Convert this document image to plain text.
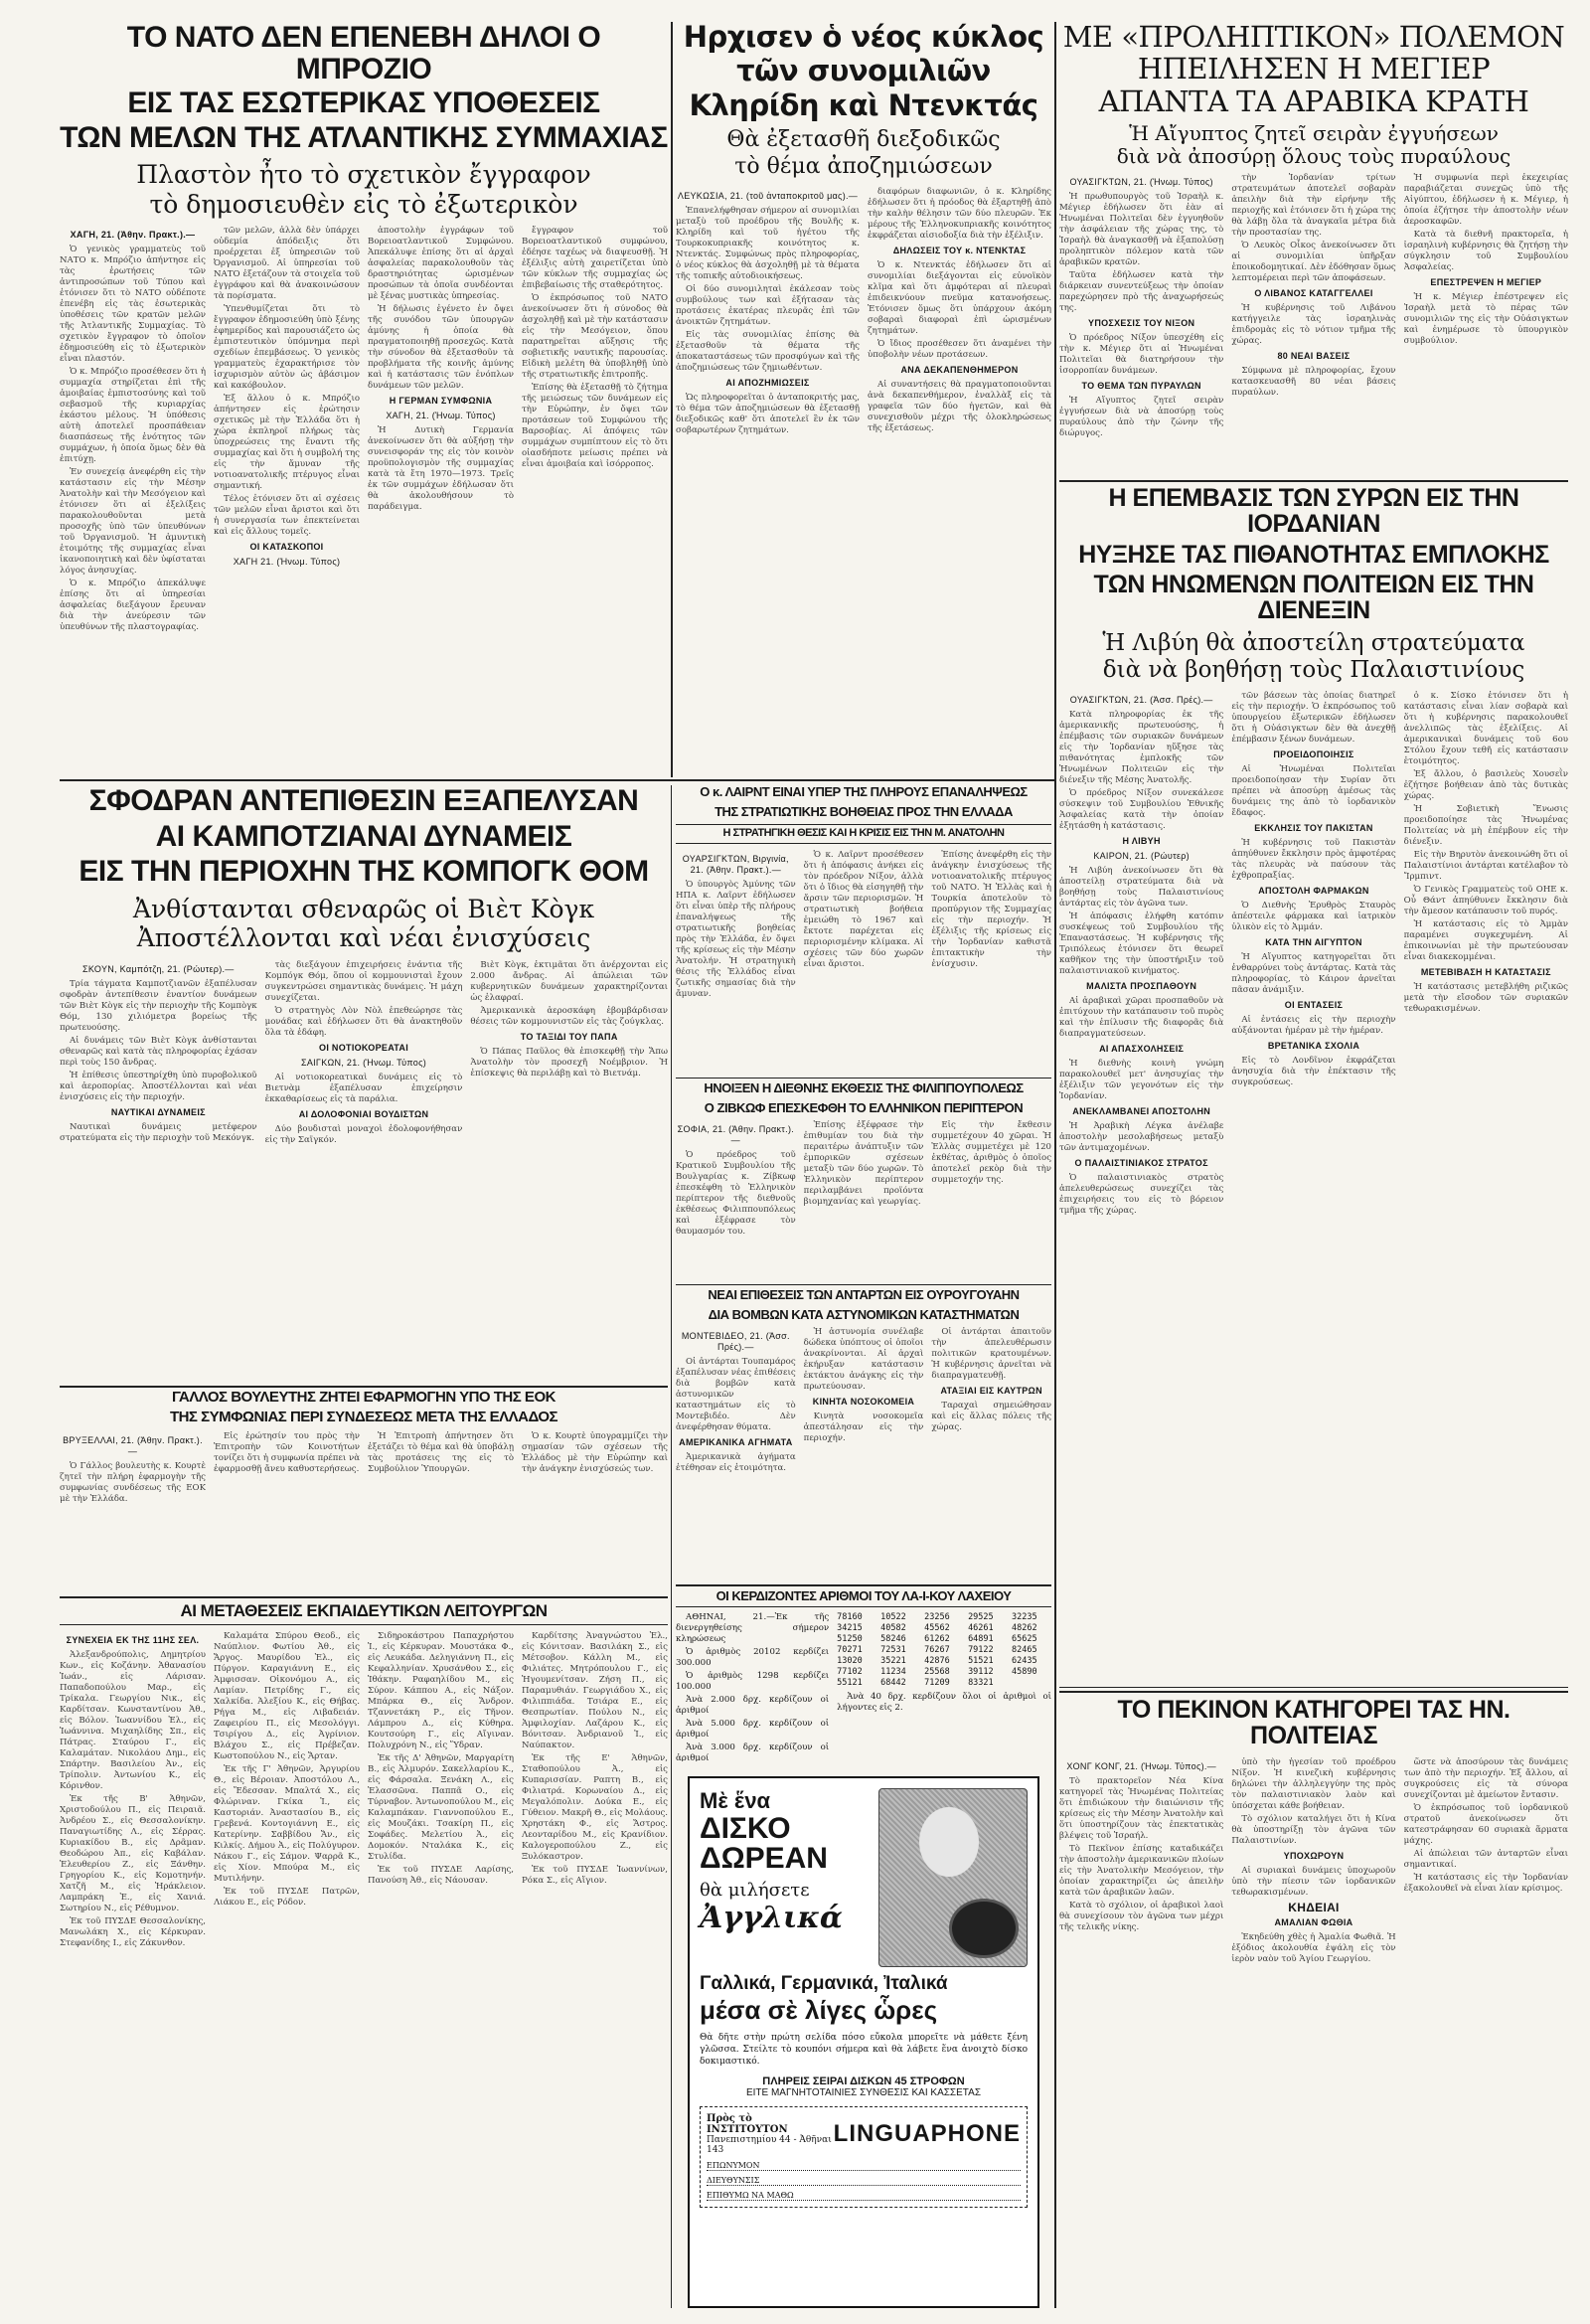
ΤΟ ΝΑΤΟ ΔΕΝ ΕΠΕΝΕΒΗ ΔΗΛΟΙ Ο ΜΠΡΟΖΙΟ
ΕΙΣ ΤΑΣ ΕΣΩΤΕΡΙΚΑΣ ΥΠΟΘΕΣΕΙΣ
ΤΩΝ ΜΕΛΩΝ ΤΗΣ ΑΤΛΑΝΤΙΚΗΣ ΣΥΜΜΑΧΙΑΣ
Πλαστὸν ἦτο τὸ σχετικὸν ἔγγραφον
τὸ δημοσιευθὲν εἰς τὸ ἐξωτερικὸν
ΧΑΓΗ, 21. (Ἀθην. Πρακτ.).—

Ὁ γενικὸς γραμματεὺς τοῦ ΝΑΤΟ κ. Μπρόζιο ἀπήντησε εἰς τὰς ἐρωτήσεις τῶν ἀντιπροσώπων τοῦ Τύπου καὶ ἐτόνισεν ὅτι τὸ ΝΑΤΟ οὐδέποτε ἐπενέβη εἰς τὰς ἐσωτερικὰς ὑποθέσεις τῶν κρατῶν μελῶν τῆς Ἀτλαντικῆς Συμμαχίας. Τὸ σχετικὸν ἔγγραφον τὸ ὁποῖον ἐδημοσιεύθη εἰς τὸ ἐξωτερικὸν εἶναι πλαστόν.

Ὁ κ. Μπρόζιο προσέθεσεν ὅτι ἡ συμμαχία στηρίζεται ἐπὶ τῆς ἀμοιβαίας ἐμπιστοσύνης καὶ τοῦ σεβασμοῦ τῆς κυριαρχίας ἑκάστου μέλους. Ἡ ὑπόθεσις αὐτὴ ἀποτελεῖ προσπάθειαν διασπάσεως τῆς ἑνότητος τῶν συμμάχων, ἡ ὁποία ὅμως δὲν θὰ ἐπιτύχῃ.

Ἐν συνεχείᾳ ἀνεφέρθη εἰς τὴν κατάστασιν εἰς τὴν Μέσην Ἀνατολὴν καὶ τὴν Μεσόγειον καὶ ἐτόνισεν ὅτι αἱ ἐξελίξεις παρακολουθοῦνται μετὰ προσοχῆς ὑπὸ τῶν ὑπευθύνων τοῦ Ὀργανισμοῦ. Ἡ ἀμυντικὴ ἑτοιμότης τῆς συμμαχίας εἶναι ἱκανοποιητικὴ καὶ δὲν ὑφίσταται λόγος ἀνησυχίας.

Ὁ κ. Μπρόζιο ἀπεκάλυψε ἐπίσης ὅτι αἱ ὑπηρεσίαι ἀσφαλείας διεξάγουν ἔρευναν διὰ τὴν ἀνεύρεσιν τῶν ὑπευθύνων τῆς πλαστογραφίας.

τῶν μελῶν, ἀλλὰ δὲν ὑπάρχει οὐδεμία ἀπόδειξις ὅτι προέρχεται ἐξ ὑπηρεσιῶν τοῦ Ὀργανισμοῦ. Αἱ ὑπηρεσίαι τοῦ ΝΑΤΟ ἐξετάζουν τὰ στοιχεῖα τοῦ ἐγγράφου καὶ θὰ ἀνακοινώσουν τὰ πορίσματα.

Ὑπενθυμίζεται ὅτι τὸ ἔγγραφον ἐδημοσιεύθη ὑπὸ ξένης ἐφημερίδος καὶ παρουσιάζετο ὡς ἐμπιστευτικὸν ὑπόμνημα περὶ σχεδίων ἐπεμβάσεως. Ὁ γενικὸς γραμματεὺς ἐχαρακτήρισε τὸν ἰσχυρισμὸν αὐτὸν ὡς ἀβάσιμον καὶ κακόβουλον.

Ἐξ ἄλλου ὁ κ. Μπρόζιο ἀπήντησεν εἰς ἐρώτησιν σχετικῶς μὲ τὴν Ἑλλάδα ὅτι ἡ χώρα ἐκπληροῖ πλήρως τὰς ὑποχρεώσεις της ἔναντι τῆς συμμαχίας καὶ ὅτι ἡ συμβολή της εἰς τὴν ἄμυναν τῆς νοτιοανατολικῆς πτέρυγος εἶναι σημαντική.

Τέλος ἐτόνισεν ὅτι αἱ σχέσεις τῶν μελῶν εἶναι ἄριστοι καὶ ὅτι ἡ συνεργασία των ἐπεκτείνεται καὶ εἰς ἄλλους τομεῖς.

ΟΙ ΚΑΤΑΣΚΟΠΟΙ
ΧΑΓΗ 21. (Ἡνωμ. Τύπος)

ἀποστολὴν ἐγγράφων τοῦ Βορειοατλαντικοῦ Συμφώνου. Ἀπεκάλυψε ἐπίσης ὅτι αἱ ἀρχαὶ ἀσφαλείας παρακολουθοῦν τὰς δραστηριότητας ὡρισμένων προσώπων τὰ ὁποῖα συνδέονται μὲ ξένας μυστικὰς ὑπηρεσίας.

Ἡ δήλωσις ἐγένετο ἐν ὄψει τῆς συνόδου τῶν ὑπουργῶν ἀμύνης ἡ ὁποία θὰ πραγματοποιηθῇ προσεχῶς. Κατὰ τὴν σύνοδον θὰ ἐξετασθοῦν τὰ προβλήματα τῆς κοινῆς ἀμύνης καὶ ἡ κατάστασις τῶν ἐνόπλων δυνάμεων τῶν μελῶν.

Η ΓΕΡΜΑΝ ΣΥΜΦΩΝΙΑ
ΧΑΓΗ, 21. (Ἡνωμ. Τύπος)

Ἡ Δυτικὴ Γερμανία ἀνεκοίνωσεν ὅτι θὰ αὐξήσῃ τὴν συνεισφοράν της εἰς τὸν κοινὸν προϋπολογισμὸν τῆς συμμαχίας κατὰ τὰ ἔτη 1970—1973. Τρεῖς ἐκ τῶν συμμάχων ἐδήλωσαν ὅτι θὰ ἀκολουθήσουν τὸ παράδειγμα.

ἔγγραφον τοῦ Βορειοατλαντικοῦ συμφώνου, ἐδέησε ταχέως νὰ διαψευσθῇ. Ἡ ἐξέλιξις αὐτὴ χαιρετίζεται ὑπὸ τῶν κύκλων τῆς συμμαχίας ὡς ἐπιβεβαίωσις τῆς σταθερότητος.

Ὁ ἐκπρόσωπος τοῦ ΝΑΤΟ ἀνεκοίνωσεν ὅτι ἡ σύνοδος θὰ ἀσχοληθῇ καὶ μὲ τὴν κατάστασιν εἰς τὴν Μεσόγειον, ὅπου παρατηρεῖται αὔξησις τῆς σοβιετικῆς ναυτικῆς παρουσίας. Εἰδικὴ μελέτη θὰ ὑποβληθῇ ὑπὸ τῆς στρατιωτικῆς ἐπιτροπῆς.

Ἐπίσης θὰ ἐξετασθῇ τὸ ζήτημα τῆς μειώσεως τῶν δυνάμεων εἰς τὴν Εὐρώπην, ἐν ὄψει τῶν προτάσεων τοῦ Συμφώνου τῆς Βαρσοβίας. Αἱ ἀπόψεις τῶν συμμάχων συμπίπτουν εἰς τὸ ὅτι οἱασδήποτε μείωσις πρέπει νὰ εἶναι ἀμοιβαία καὶ ἰσόρροπος.

Ηρχισεν ὁ νέος κύκλος
τῶν συνομιλιῶν
Κληρίδη καὶ Ντενκτάς
Θὰ ἐξετασθῆ διεξοδικῶς
τὸ θέμα ἀποζημιώσεων
ΛΕΥΚΩΣΙΑ, 21. (τοῦ ἀνταποκριτοῦ μας).—

Ἐπανελήφθησαν σήμερον αἱ συνομιλίαι μεταξὺ τοῦ προέδρου τῆς Βουλῆς κ. Κληρίδη καὶ τοῦ ἡγέτου τῆς Τουρκοκυπριακῆς κοινότητος κ. Ντενκτάς. Συμφώνως πρὸς πληροφορίας, ὁ νέος κύκλος θὰ ἀσχοληθῇ μὲ τὰ θέματα τῆς τοπικῆς αὐτοδιοικήσεως.

Οἱ δύο συνομιληταὶ ἐκάλεσαν τοὺς συμβούλους των καὶ ἐξήτασαν τὰς προτάσεις ἑκατέρας πλευρᾶς ἐπὶ τῶν ἀνοικτῶν ζητημάτων.

Εἰς τὰς συνομιλίας ἐπίσης θὰ ἐξετασθοῦν τὰ θέματα τῆς ἀποκαταστάσεως τῶν προσφύγων καὶ τῆς ἀποζημιώσεως τῶν ζημιωθέντων.

ΑΙ ΑΠΟΖΗΜΙΩΣΕΙΣ

Ὡς πληροφορεῖται ὁ ἀνταποκριτής μας, τὸ θέμα τῶν ἀποζημιώσεων θὰ ἐξετασθῇ διεξοδικῶς καθ' ὅτι ἀποτελεῖ ἓν ἐκ τῶν σοβαρωτέρων ζητημάτων.

διαφόρων διαφωνιῶν, ὁ κ. Κληρίδης ἐδήλωσεν ὅτι ἡ πρόοδος θὰ ἐξαρτηθῇ ἀπὸ τὴν καλὴν θέλησιν τῶν δύο πλευρῶν. Ἐκ μέρους τῆς Ἑλληνοκυπριακῆς κοινότητος ἐκφράζεται αἰσιοδοξία διὰ τὴν ἐξέλιξιν.

ΔΗΛΩΣΕΙΣ ΤΟΥ κ. ΝΤΕΝΚΤΑΣ

Ὁ κ. Ντενκτάς ἐδήλωσεν ὅτι αἱ συνομιλίαι διεξάγονται εἰς εὐνοϊκὸν κλῖμα καὶ ὅτι ἀμφότεραι αἱ πλευραὶ ἐπιδεικνύουν πνεῦμα κατανοήσεως. Ἐτόνισεν ὅμως ὅτι ὑπάρχουν ἀκόμη σοβαραὶ διαφοραὶ ἐπὶ ὡρισμένων ζητημάτων.

Ὁ ἴδιος προσέθεσεν ὅτι ἀναμένει τὴν ὑποβολὴν νέων προτάσεων.

ΑΝΑ ΔΕΚΑΠΕΝΘΗΜΕΡΟΝ

Αἱ συναντήσεις θὰ πραγματοποιοῦνται ἀνὰ δεκαπενθήμερον, ἐναλλὰξ εἰς τὰ γραφεῖα τῶν δύο ἡγετῶν, καὶ θὰ συνεχισθοῦν μέχρι τῆς ὁλοκληρώσεως τῆς ἐξετάσεως.

ΜΕ «ΠΡΟΛΗΠΤΙΚΟΝ» ΠΟΛΕΜΟΝ
ΗΠΕΙΛΗΣΕΝ Η ΜΕΓΙΕΡ
ΑΠΑΝΤΑ ΤΑ ΑΡΑΒΙΚΑ ΚΡΑΤΗ
Ἡ Αἴγυπτος ζητεῖ σειρὰν ἐγγυήσεων
διὰ νὰ ἀποσύρῃ ὅλους τοὺς πυραύλους
ΟΥΑΣΙΓΚΤΩΝ, 21. (Ἡνωμ. Τύπος)

Ἡ πρωθυπουργὸς τοῦ Ἰσραὴλ κ. Μέγιερ ἐδήλωσεν ὅτι ἐὰν αἱ Ἡνωμέναι Πολιτεῖαι δὲν ἐγγυηθοῦν τὴν ἀσφάλειαν τῆς χώρας της, τὸ Ἰσραὴλ θὰ ἀναγκασθῇ νὰ ἐξαπολύσῃ προληπτικὸν πόλεμον κατὰ τῶν ἀραβικῶν κρατῶν.

Ταῦτα ἐδήλωσεν κατὰ τὴν διάρκειαν συνεντεύξεως τὴν ὁποίαν παρεχώρησεν πρὸ τῆς ἀναχωρήσεώς της.

ΥΠΟΣΧΕΣΙΣ ΤΟΥ ΝΙΞΟΝ

Ὁ πρόεδρος Νίξον ὑπεσχέθη εἰς τὴν κ. Μέγιερ ὅτι αἱ Ἡνωμέναι Πολιτεῖαι θὰ διατηρήσουν τὴν ἰσορροπίαν δυνάμεων.

ΤΟ ΘΕΜΑ ΤΩΝ ΠΥΡΑΥΛΩΝ

Ἡ Αἴγυπτος ζητεῖ σειρὰν ἐγγυήσεων διὰ νὰ ἀποσύρῃ τοὺς πυραύλους ἀπὸ τὴν ζώνην τῆς διώρυγος.

τὴν Ἰορδανίαν τρίτων στρατευμάτων ἀποτελεῖ σοβαρὰν ἀπειλὴν διὰ τὴν εἰρήνην τῆς περιοχῆς καὶ ἐτόνισεν ὅτι ἡ χώρα της θὰ λάβῃ ὅλα τὰ ἀναγκαῖα μέτρα διὰ τὴν προστασίαν της.

Ὁ Λευκὸς Οἶκος ἀνεκοίνωσεν ὅτι αἱ συνομιλίαι ὑπῆρξαν ἐποικοδομητικαί. Δὲν ἐδόθησαν ὅμως λεπτομέρειαι περὶ τῶν ἀποφάσεων.

Ο ΛΙΒΑΝΟΣ ΚΑΤΑΓΓΕΛΛΕΙ

Ἡ κυβέρνησις τοῦ Λιβάνου κατήγγειλε τὰς ἰσραηλινὰς ἐπιδρομὰς εἰς τὸ νότιον τμῆμα τῆς χώρας.

80 ΝΕΑΙ ΒΑΣΕΙΣ

Σύμφωνα μὲ πληροφορίας, ἔχουν κατασκευασθῆ 80 νέαι βάσεις πυραύλων.

Ἡ συμφωνία περὶ ἐκεχειρίας παραβιάζεται συνεχῶς ὑπὸ τῆς Αἰγύπτου, ἐδήλωσεν ἡ κ. Μέγιερ, ἡ ὁποία ἐζήτησε τὴν ἀποστολὴν νέων ἀεροσκαφῶν.

Κατὰ τὰ διεθνῆ πρακτορεῖα, ἡ ἰσραηλινὴ κυβέρνησις θὰ ζητήσῃ τὴν σύγκλησιν τοῦ Συμβουλίου Ἀσφαλείας.

ΕΠΕΣΤΡΕΨΕΝ Η ΜΕΓΙΕΡ

Ἡ κ. Μέγιερ ἐπέστρεψεν εἰς Ἰσραὴλ μετὰ τὸ πέρας τῶν συνομιλιῶν της εἰς τὴν Οὐάσιγκτων καὶ ἐνημέρωσε τὸ ὑπουργικὸν συμβούλιον.

Η ΕΠΕΜΒΑΣΙΣ ΤΩΝ ΣΥΡΩΝ ΕΙΣ ΤΗΝ ΙΟΡΔΑΝΙΑΝ
ΗΥΞΗΣΕ ΤΑΣ ΠΙΘΑΝΟΤΗΤΑΣ ΕΜΠΛΟΚΗΣ
ΤΩΝ ΗΝΩΜΕΝΩΝ ΠΟΛΙΤΕΙΩΝ ΕΙΣ ΤΗΝ ΔΙΕΝΕΞΙΝ
Ἡ Λιβύη θὰ ἀποστείλη στρατεύματα
διὰ νὰ βοηθήσῃ τοὺς Παλαιστινίους
ΟΥΑΣΙΓΚΤΩΝ, 21. (Ἀσσ. Πρές).—

Κατὰ πληροφορίας ἐκ τῆς ἀμερικανικῆς πρωτευούσης, ἡ ἐπέμβασις τῶν συριακῶν δυνάμεων εἰς τὴν Ἰορδανίαν ηὔξησε τὰς πιθανότητας ἐμπλοκῆς τῶν Ἡνωμένων Πολιτειῶν εἰς τὴν διένεξιν τῆς Μέσης Ἀνατολῆς.

Ὁ πρόεδρος Νίξον συνεκάλεσε σύσκεψιν τοῦ Συμβουλίου Ἐθνικῆς Ἀσφαλείας κατὰ τὴν ὁποίαν ἐξητάσθη ἡ κατάστασις.

Η ΛΙΒΥΗ
ΚΑΙΡΟΝ, 21. (Ρώυτερ)

Ἡ Λιβύη ἀνεκοίνωσεν ὅτι θὰ ἀποστείλῃ στρατεύματα διὰ νὰ βοηθήσῃ τοὺς Παλαιστινίους ἀντάρτας εἰς τὸν ἀγῶνα των.

Ἡ ἀπόφασις ἐλήφθη κατόπιν συσκέψεως τοῦ Συμβουλίου τῆς Ἐπαναστάσεως. Ἡ κυβέρνησις τῆς Τριπόλεως ἐτόνισεν ὅτι θεωρεῖ καθῆκον της τὴν ὑποστήριξιν τοῦ παλαιστινιακοῦ κινήματος.

ΜΑΛΙΣΤΑ ΠΡΟΣΠΑΘΟΥΝ

Αἱ ἀραβικαὶ χῶραι προσπαθοῦν νὰ ἐπιτύχουν τὴν κατάπαυσιν τοῦ πυρὸς καὶ τὴν ἐπίλυσιν τῆς διαφορᾶς διὰ διαπραγματεύσεων.

ΑΙ ΑΠΑΣΧΟΛΗΣΕΙΣ

Ἡ διεθνὴς κοινὴ γνώμη παρακολουθεῖ μετ' ἀνησυχίας τὴν ἐξέλιξιν τῶν γεγονότων εἰς τὴν Ἰορδανίαν.

ΑΝΕΚΛΑΜΒΑΝΕΙ ΑΠΟΣΤΟΛΗΝ

Ἡ Ἀραβικὴ Λέγκα ἀνέλαβε ἀποστολὴν μεσολαβήσεως μεταξὺ τῶν ἀντιμαχομένων.

Ο ΠΑΛΑΙΣΤΙΝΙΑΚΟΣ ΣΤΡΑΤΟΣ

Ὁ παλαιστινιακὸς στρατὸς ἀπελευθερώσεως συνεχίζει τὰς ἐπιχειρήσεις του εἰς τὸ βόρειον τμῆμα τῆς χώρας.

τῶν βάσεων τὰς ὁποίας διατηρεῖ εἰς τὴν περιοχήν. Ὁ ἐκπρόσωπος τοῦ ὑπουργείου ἐξωτερικῶν ἐδήλωσεν ὅτι ἡ Οὐάσιγκτων δὲν θὰ ἀνεχθῇ ἐπέμβασιν ξένων δυνάμεων.

ΠΡΟΕΙΔΟΠΟΙΗΣΙΣ

Αἱ Ἡνωμέναι Πολιτεῖαι προειδοποίησαν τὴν Συρίαν ὅτι πρέπει νὰ ἀποσύρῃ ἀμέσως τὰς δυνάμεις της ἀπὸ τὸ ἰορδανικὸν ἔδαφος.

ΕΚΚΛΗΣΙΣ ΤΟΥ ΠΑΚΙΣΤΑΝ

Ἡ κυβέρνησις τοῦ Πακιστὰν ἀπηύθυνεν ἔκκλησιν πρὸς ἀμφοτέρας τὰς πλευρὰς νὰ παύσουν τὰς ἐχθροπραξίας.

ΑΠΟΣΤΟΛΗ ΦΑΡΜΑΚΩΝ

Ὁ Διεθνὴς Ἐρυθρὸς Σταυρὸς ἀπέστειλε φάρμακα καὶ ἰατρικὸν ὑλικὸν εἰς τὸ Ἀμμάν.

ΚΑΤΑ ΤΗΝ ΑΙΓΥΠΤΟΝ

Ἡ Αἴγυπτος κατηγορεῖται ὅτι ἐνθαρρύνει τοὺς ἀντάρτας. Κατὰ τὰς πληροφορίας, τὸ Κάιρον ἀρνεῖται πᾶσαν ἀνάμιξιν.

ΟΙ ΕΝΤΑΣΕΙΣ

Αἱ ἐντάσεις εἰς τὴν περιοχὴν αὐξάνονται ἡμέραν μὲ τὴν ἡμέραν.

ΒΡΕΤΑΝΙΚΑ ΣΧΟΛΙΑ

Εἰς τὸ Λονδῖνον ἐκφράζεται ἀνησυχία διὰ τὴν ἐπέκτασιν τῆς συγκρούσεως.

ὁ κ. Σίσκο ἐτόνισεν ὅτι ἡ κατάστασις εἶναι λίαν σοβαρὰ καὶ ὅτι ἡ κυβέρνησις παρακολουθεῖ ἀνελλιπῶς τὰς ἐξελίξεις. Αἱ ἀμερικανικαὶ δυνάμεις τοῦ 6ου Στόλου ἔχουν τεθῆ εἰς κατάστασιν ἑτοιμότητος.

Ἐξ ἄλλου, ὁ βασιλεὺς Χουσεῒν ἐζήτησε βοήθειαν ἀπὸ τὰς δυτικὰς χώρας.

Ἡ Σοβιετικὴ Ἕνωσις προειδοποίησε τὰς Ἡνωμένας Πολιτείας νὰ μὴ ἐπέμβουν εἰς τὴν διένεξιν.

Εἰς τὴν Βηρυτὸν ἀνεκοινώθη ὅτι οἱ Παλαιστίνιοι ἀντάρται κατέλαβον τὸ Ἴρμπιντ.

Ὁ Γενικὸς Γραμματεὺς τοῦ ΟΗΕ κ. Οὖ Θάντ ἀπηύθυνεν ἔκκλησιν διὰ τὴν ἄμεσον κατάπαυσιν τοῦ πυρός.

Ἡ κατάστασις εἰς τὸ Ἀμμὰν παραμένει συγκεχυμένη. Αἱ ἐπικοινωνίαι μὲ τὴν πρωτεύουσαν εἶναι διακεκομμέναι.

ΜΕΤΕΒΙΒΑΣΗ Η ΚΑΤΑΣΤΑΣΙΣ

Ἡ κατάστασις μετεβλήθη ριζικῶς μετὰ τὴν εἴσοδον τῶν συριακῶν τεθωρακισμένων.

ΣΦΟΔΡΑΝ ΑΝΤΕΠΙΘΕΣΙΝ ΕΞΑΠΕΛΥΣΑΝ
ΑΙ ΚΑΜΠΟΤΖΙΑΝΑΙ ΔΥΝΑΜΕΙΣ
ΕΙΣ ΤΗΝ ΠΕΡΙΟΧΗΝ ΤΗΣ ΚΟΜΠΟΓΚ ΘΟΜ
Ἀνθίστανται σθεναρῶς οἱ Βιὲτ Κὸγκ
Ἀποστέλλονται καὶ νέαι ἐνισχύσεις
ΣΚΟΥΝ, Καμπότζη, 21. (Ρώυτερ).—

Τρία τάγματα Καμποτζιανῶν ἐξαπέλυσαν σφοδρὰν ἀντεπίθεσιν ἐναντίον δυνάμεων τῶν Βιὲτ Κὸγκ εἰς τὴν περιοχὴν τῆς Κομπὸγκ Θόμ, 130 χιλιόμετρα βορείως τῆς πρωτευούσης.

Αἱ δυνάμεις τῶν Βιὲτ Κὸγκ ἀνθίστανται σθεναρῶς καὶ κατὰ τὰς πληροφορίας ἐχάσαν περὶ τοὺς 150 ἄνδρας.

Ἡ ἐπίθεσις ὑπεστηρίχθη ὑπὸ πυροβολικοῦ καὶ ἀεροπορίας. Ἀποστέλλονται καὶ νέαι ἐνισχύσεις εἰς τὴν περιοχήν.

ΝΑΥΤΙΚΑΙ ΔΥΝΑΜΕΙΣ

Ναυτικαὶ δυνάμεις μετέφερον στρατεύματα εἰς τὴν περιοχὴν τοῦ Μεκόνγκ.

τὰς διεξάγουν ἐπιχειρήσεις ἐνάντια τῆς Κομπόγκ Θόμ, ὅπου οἱ κομμουνισταὶ ἔχουν συγκεντρώσει σημαντικὰς δυνάμεις. Ἡ μάχη συνεχίζεται.

Ὁ στρατηγὸς Λὸν Νὸλ ἐπεθεώρησε τὰς μονάδας καὶ ἐδήλωσεν ὅτι θὰ ἀνακτηθοῦν ὅλα τὰ ἐδάφη.

ΟΙ ΝΟΤΙΟΚΟΡΕΑΤΑΙ
ΣΑΙΓΚΩΝ, 21. (Ἡνωμ. Τύπος)

Αἱ νοτιοκορεατικαὶ δυνάμεις εἰς τὸ Βιετνὰμ ἐξαπέλυσαν ἐπιχείρησιν ἐκκαθαρίσεως εἰς τὰ παράλια.

ΑΙ ΔΟΛΟΦΟΝΙΑΙ ΒΟΥΔΙΣΤΩΝ

Δύο βουδισταὶ μοναχοὶ ἐδολοφονήθησαν εἰς τὴν Σαϊγκόν.

Βιὲτ Κὸγκ, ἐκτιμᾶται ὅτι ἀνέρχονται εἰς 2.000 ἄνδρας. Αἱ ἀπώλειαι τῶν κυβερνητικῶν δυνάμεων χαρακτηρίζονται ὡς ἐλαφραί.

Ἀμερικανικὰ ἀεροσκάφη ἐβομβάρδισαν θέσεις τῶν κομμουνιστῶν εἰς τὰς ζούγκλας.

ΤΟ ΤΑΞΙΔΙ ΤΟΥ ΠΑΠΑ

Ὁ Πάπας Παῦλος θὰ ἐπισκεφθῇ τὴν Ἄπω Ἀνατολὴν τὸν προσεχῆ Νοέμβριον. Ἡ ἐπίσκεψις θὰ περιλάβῃ καὶ τὸ Βιετνάμ.

Ο κ. ΛΑΙΡΝΤ ΕΙΝΑΙ ΥΠΕΡ ΤΗΣ ΠΛΗΡΟΥΣ ΕΠΑΝΑΛΗΨΕΩΣ
ΤΗΣ ΣΤΡΑΤΙΩΤΙΚΗΣ ΒΟΗΘΕΙΑΣ ΠΡΟΣ ΤΗΝ ΕΛΛΑΔΑ
Η ΣΤΡΑΤΗΓΙΚΗ ΘΕΣΙΣ ΚΑΙ Η ΚΡΙΣΙΣ ΕΙΣ ΤΗΝ Μ. ΑΝΑΤΟΛΗΝ
ΟΥΑΡΣΙΓΚΤΩΝ, Βιργινία, 21. (Ἀθην. Πρακτ.).—

Ὁ ὑπουργὸς Ἀμύνης τῶν ΗΠΑ κ. Λαῖρντ ἐδήλωσεν ὅτι εἶναι ὑπὲρ τῆς πλήρους ἐπαναλήψεως τῆς στρατιωτικῆς βοηθείας πρὸς τὴν Ἑλλάδα, ἐν ὄψει τῆς κρίσεως εἰς τὴν Μέσην Ἀνατολήν. Ἡ στρατηγικὴ θέσις τῆς Ἑλλάδος εἶναι ζωτικῆς σημασίας διὰ τὴν ἄμυναν.

Ὁ κ. Λαῖρντ προσέθεσεν ὅτι ἡ ἀπόφασις ἀνήκει εἰς τὸν πρόεδρον Νίξον, ἀλλὰ ὅτι ὁ ἴδιος θὰ εἰσηγηθῇ τὴν ἄρσιν τῶν περιορισμῶν. Ἡ στρατιωτικὴ βοήθεια ἐμειώθη τὸ 1967 καὶ ἔκτοτε παρέχεται εἰς περιορισμένην κλίμακα. Αἱ σχέσεις τῶν δύο χωρῶν εἶναι ἄριστοι.

Ἐπίσης ἀνεφέρθη εἰς τὴν ἀνάγκην ἐνισχύσεως τῆς νοτιοανατολικῆς πτέρυγος τοῦ ΝΑΤΟ. Ἡ Ἑλλὰς καὶ ἡ Τουρκία ἀποτελοῦν τὸ προπύργιον τῆς Συμμαχίας εἰς τὴν περιοχήν. Ἡ ἐξέλιξις τῆς κρίσεως εἰς τὴν Ἰορδανίαν καθιστᾶ ἐπιτακτικὴν τὴν ἐνίσχυσιν.

ΗΝΟΙΞΕΝ Η ΔΙΕΘΝΗΣ ΕΚΘΕΣΙΣ ΤΗΣ ΦΙΛΙΠΠΟΥΠΟΛΕΩΣ
Ο ΖΙΒΚΩΦ ΕΠΕΣΚΕΦΘΗ ΤΟ ΕΛΛΗΝΙΚΟΝ ΠΕΡΙΠΤΕΡΟΝ
ΣΟΦΙΑ, 21. (Ἀθην. Πρακτ.).—

Ὁ πρόεδρος τοῦ Κρατικοῦ Συμβουλίου τῆς Βουλγαρίας κ. Ζίβκωφ ἐπεσκέφθη τὸ Ἑλληνικὸν περίπτερον τῆς διεθνοῦς ἐκθέσεως Φιλιππουπόλεως καὶ ἐξέφρασε τὸν θαυμασμόν του.

Ἐπίσης ἐξέφρασε τὴν ἐπιθυμίαν του διὰ τὴν περαιτέρω ἀνάπτυξιν τῶν ἐμπορικῶν σχέσεων μεταξὺ τῶν δύο χωρῶν. Τὸ Ἑλληνικὸν περίπτερον περιλαμβάνει προϊόντα βιομηχανίας καὶ γεωργίας.

Εἰς τὴν ἔκθεσιν συμμετέχουν 40 χῶραι. Ἡ Ἑλλὰς συμμετέχει μὲ 120 ἐκθέτας, ἀριθμὸς ὁ ὁποῖος ἀποτελεῖ ρεκὸρ διὰ τὴν συμμετοχήν της.

ΝΕΑΙ ΕΠΙΘΕΣΕΙΣ ΤΩΝ ΑΝΤΑΡΤΩΝ ΕΙΣ ΟΥΡΟΥΓΟΥΑΗΝ
ΔΙΑ ΒΟΜΒΩΝ ΚΑΤΑ ΑΣΤΥΝΟΜΙΚΩΝ ΚΑΤΑΣΤΗΜΑΤΩΝ
ΜΟΝΤΕΒΙΔΕΟ, 21. (Ἀσσ. Πρές).—

Οἱ ἀντάρται Τουπαμάρος ἐξαπέλυσαν νέας ἐπιθέσεις διὰ βομβῶν κατὰ ἀστυνομικῶν καταστημάτων εἰς τὸ Μοντεβιδέο. Δὲν ἀνεφέρθησαν θύματα.

ΑΜΕΡΙΚΑΝΙΚΑ ΑΓΗΜΑΤΑ

Ἀμερικανικὰ ἀγήματα ἐτέθησαν εἰς ἑτοιμότητα.

Ἡ ἀστυνομία συνέλαβε δώδεκα ὑπόπτους οἱ ὁποῖοι ἀνακρίνονται. Αἱ ἀρχαὶ ἐκήρυξαν κατάστασιν ἐκτάκτου ἀνάγκης εἰς τὴν πρωτεύουσαν.

ΚΙΝΗΤΑ ΝΟΣΟΚΟΜΕΙΑ

Κινητὰ νοσοκομεῖα ἀπεστάλησαν εἰς τὴν περιοχήν.

Οἱ ἀντάρται ἀπαιτοῦν τὴν ἀπελευθέρωσιν πολιτικῶν κρατουμένων. Ἡ κυβέρνησις ἀρνεῖται νὰ διαπραγματευθῇ.

ΑΤΑΞΙΑΙ ΕΙΣ ΚΑΥΤΡΩΝ

Ταραχαὶ σημειώθησαν καὶ εἰς ἄλλας πόλεις τῆς χώρας.

ΓΑΛΛΟΣ ΒΟΥΛΕΥΤΗΣ ΖΗΤΕΙ ΕΦΑΡΜΟΓΗΝ ΥΠΟ ΤΗΣ ΕΟΚ
ΤΗΣ ΣΥΜΦΩΝΙΑΣ ΠΕΡΙ ΣΥΝΔΕΣΕΩΣ ΜΕΤΑ ΤΗΣ ΕΛΛΑΔΟΣ
ΒΡΥΞΕΛΛΑΙ, 21. (Ἀθην. Πρακτ.).—

Ὁ Γάλλος βουλευτὴς κ. Κουρτὲ ζητεῖ τὴν πλήρη ἐφαρμογὴν τῆς συμφωνίας συνδέσεως τῆς ΕΟΚ μὲ τὴν Ἑλλάδα.

Εἰς ἐρώτησίν του πρὸς τὴν Ἐπιτροπὴν τῶν Κοινοτήτων τονίζει ὅτι ἡ συμφωνία πρέπει νὰ ἐφαρμοσθῇ ἄνευ καθυστερήσεως.

Ἡ Ἐπιτροπὴ ἀπήντησεν ὅτι ἐξετάζει τὸ θέμα καὶ θὰ ὑποβάλῃ τὰς προτάσεις της εἰς τὸ Συμβούλιον Ὑπουργῶν.

Ὁ κ. Κουρτὲ ὑπογραμμίζει τὴν σημασίαν τῶν σχέσεων τῆς Ἑλλάδος μὲ τὴν Εὐρώπην καὶ τὴν ἀνάγκην ἐνισχύσεώς των.

ΑΙ ΜΕΤΑΘΕΣΕΙΣ ΕΚΠΑΙΔΕΥΤΙΚΩΝ ΛΕΙΤΟΥΡΓΩΝ
ΣΥΝΕΧΕΙΑ ΕΚ ΤΗΣ 11ΗΣ ΣΕΛ.

Ἀλεξανδρούπολις, Δημητρίου Κων., εἰς Κοζάνην. Ἀθανασίου Ἰωάν., εἰς Λάρισαν. Παπαδοπούλου Μαρ., εἰς Τρίκαλα. Γεωργίου Νικ., εἰς Καρδίτσαν. Κωνσταντίνου Ἀθ., εἰς Βόλον. Ἰωαννίδου Ἑλ., εἰς Ἰωάννινα. Μιχαηλίδης Σπ., εἰς Πάτρας. Σταύρου Γ., εἰς Καλαμάταν. Νικολάου Δημ., εἰς Σπάρτην. Βασιλείου Ἀν., εἰς Τρίπολιν. Ἀντωνίου Κ., εἰς Κόρινθον.

Ἐκ τῆς Β' Ἀθηνῶν, Χριστοδούλου Π., εἰς Πειραιᾶ. Ἀνδρέου Σ., εἰς Θεσσαλονίκην. Παναγιωτίδης Λ., εἰς Σέρρας. Κυριακίδου Β., εἰς Δρᾶμαν. Θεοδώρου Ἀπ., εἰς Καβάλαν. Ἐλευθερίου Ζ., εἰς Ξάνθην. Γρηγορίου Κ., εἰς Κομοτηνήν. Χατζῆ Μ., εἰς Ἡράκλειον. Λαμπράκη Ἐ., εἰς Χανιά. Σωτηρίου Ν., εἰς Ρέθυμνον.

Ἐκ τοῦ ΠΥΣΔΕ Θεσσαλονίκης, Μανωλάκη Χ., εἰς Κέρκυραν. Στεφανίδης Ι., εἰς Ζάκυνθον.

Καλαμάτα Σπύρου Θεοδ., εἰς Ναύπλιον. Φωτίου Ἀθ., εἰς Ἄργος. Μαυρίδου Ἐλ., εἰς Πύργον. Καραγιάννη Ε., εἰς Ἀμφισσαν. Οἰκονόμου Α., εἰς Λαμίαν. Πετρίδης Γ., εἰς Χαλκίδα. Ἀλεξίου Κ., εἰς Θήβας. Ρήγα Μ., εἰς Λιβαδειάν. Ζαφειρίου Π., εἰς Μεσολόγγι. Τσιρίγου Δ., εἰς Ἀγρίνιον. Βλάχου Σ., εἰς Πρέβεζαν. Κωστοπούλου Ν., εἰς Ἄρταν.

Ἐκ τῆς Γ' Ἀθηνῶν, Ἀργυρίου Θ., εἰς Βέροιαν. Ἀποστόλου Λ., εἰς Ἔδεσσαν. Μπαλτά Χ., εἰς Φλώριναν. Γκίκα Ἰ., εἰς Καστοριάν. Ἀναστασίου Β., εἰς Γρεβενά. Κοντογιάννη Ε., εἰς Κατερίνην. Σαββίδου Ἄν., εἰς Κιλκίς. Δήμου Ἀ., εἰς Πολύγυρον. Νάκου Γ., εἰς Σάμον. Ψαρρᾶ Κ., εἰς Χίον. Μπούρα Μ., εἰς Μυτιλήνην.

Ἐκ τοῦ ΠΥΣΔΕ Πατρῶν, Λιάκου Ε., εἰς Ρόδον.

Σιδηροκάστρου Παπαχρήστου Ἰ., εἰς Κέρκυραν. Μουστάκα Φ., εἰς Λευκάδα. Δεληγιάννη Π., εἰς Κεφαλληνίαν. Χρυσάνθου Σ., εἰς Ἰθάκην. Ραφαηλίδου Μ., εἰς Σύρον. Κάππου Α., εἰς Νάξον. Μπάρκα Θ., εἰς Ἄνδρον. Τζαννετάκη Ρ., εἰς Τῆνον. Λάμπρου Δ., εἰς Κύθηρα. Κουτσούρη Γ., εἰς Αἴγιναν. Πολυχρόνη Ν., εἰς Ὕδραν.

Ἐκ τῆς Δ' Ἀθηνῶν, Μαργαρίτη Β., εἰς Ἀλμυρόν. Σακελλαρίου Κ., εἰς Φάρσαλα. Ξενάκη Λ., εἰς Ἐλασσῶνα. Παππᾶ Ο., εἰς Τύρναβον. Ἀντωνοπούλου Μ., εἰς Καλαμπάκαν. Γιαννοπούλου Ε., εἰς Μουζάκι. Τσακίρη Π., εἰς Σοφάδες. Μελετίου Ἀ., εἰς Δομοκόν. Νταλάκα Κ., εἰς Στυλίδα.

Ἐκ τοῦ ΠΥΣΔΕ Λαρίσης, Πανούση Ἀθ., εἰς Νάουσαν.

Καρδίτσης Ἀναγνώστου Ἐλ., εἰς Κόνιτσαν. Βασιλάκη Σ., εἰς Μέτσοβον. Κάλλη Μ., εἰς Φιλιάτες. Μητρόπουλου Γ., εἰς Ἡγουμενίτσαν. Ζήση Π., εἰς Παραμυθιάν. Γεωργιάδου Χ., εἰς Φιλιππιάδα. Τσιάρα Ε., εἰς Θεσπρωτίαν. Πούλου Ν., εἰς Ἀμφιλοχίαν. Λαζάρου Κ., εἰς Βόνιτσαν. Ἀνδριανοῦ Ἰ., εἰς Ναύπακτον.

Ἐκ τῆς Ε' Ἀθηνῶν, Σταθοπούλου Ἀ., εἰς Κυπαρισσίαν. Ραπτη Β., εἰς Φιλιατρά. Κορωναίου Δ., εἰς Μεγαλόπολιν. Δούκα Ε., εἰς Γύθειον. Μακρῆ Θ., εἰς Μολάους. Χρηστάκη Φ., εἰς Ἄστρος. Λεονταρίδου Μ., εἰς Κρανίδιον. Καλογεροπούλου Ζ., εἰς Ξυλόκαστρον.

Ἐκ τοῦ ΠΥΣΔΕ Ἰωαννίνων, Ρόκα Σ., εἰς Αἴγιον.

ΟΙ ΚΕΡΔΙΖΟΝΤΕΣ ΑΡΙΘΜΟΙ ΤΟΥ ΛΑ-Ι-ΚΟΥ ΛΑΧΕΙΟΥ

ΑΘΗΝΑΙ, 21.—Ἐκ τῆς διενεργηθείσης σήμερον κληρώσεως

Ὁ ἀριθμὸς 20102 κερδίζει 300.000

Ὁ ἀριθμὸς 1298 κερδίζει 100.000

Ἀνὰ 2.000 δρχ. κερδίζουν οἱ ἀριθμοί

Ἀνὰ 5.000 δρχ. κερδίζουν οἱ ἀριθμοί

Ἀνὰ 3.000 δρχ. κερδίζουν οἱ ἀριθμοί

78160	10522	23256	29525	32235
34215	40582	45562	46261	48262
51250	58246	61262	64891	65625
70271	72531	76267	79122	82465
13020	35221	42876	51521	62435
77102	11234	25568	39112	45890
55121	68442	71209	83321

Ἀνὰ 40 δρχ. κερδίζουν ὅλοι οἱ ἀριθμοὶ οἱ λήγοντες εἰς 2.

Μὲ ἕνα
ΔΙΣΚΟ
ΔΩΡΕΑΝ
θὰ μιλήσετε
Ἀγγλικά
Γαλλικά, Γερμανικά, Ἰταλικά
μέσα σὲ λίγες ὧρες
Θὰ δῆτε στὴν πρώτη σελίδα πόσο εὔκολα μπορεῖτε νὰ μάθετε ξένη γλῶσσα. Στείλτε τὸ κουπόνι σήμερα καὶ θὰ λάβετε ἕνα ἀνοιχτὸ δίσκο δοκιμαστικό.
ΠΛΗΡΕΙΣ ΣΕΙΡΑΙ ΔΙΣΚΩΝ 45 ΣΤΡΟΦΩΝ
ΕΙΤΕ ΜΑΓΝΗΤΟΤΑΙΝΙΕΣ ΣΥΝΘΕΣΙΣ ΚΑΙ ΚΑΣΣΕΤΑΣ
Πρὸς τὸ ΙΝΣΤΙΤΟΥΤΟΝ
Πανεπιστημίου 44 - Ἀθῆναι 143
LINGUAPHONE
ΕΠΩΝΥΜΟΝ
ΔΙΕΥΘΥΝΣΙΣ
ΕΠΙΘΥΜΩ ΝΑ ΜΑΘΩ
ΤΟ ΠΕΚΙΝΟΝ ΚΑΤΗΓΟΡΕΙ ΤΑΣ ΗΝ. ΠΟΛΙΤΕΙΑΣ
ΧΟΝΓ ΚΟΝΓ, 21. (Ἡνωμ. Τύπος).—

Τὸ πρακτορεῖον Νέα Κίνα κατηγορεῖ τὰς Ἡνωμένας Πολιτείας ὅτι ἐπιδιώκουν τὴν διαιώνισιν τῆς κρίσεως εἰς τὴν Μέσην Ἀνατολὴν καὶ ὅτι ὑποστηρίζουν τὰς ἐπεκτατικὰς βλέψεις τοῦ Ἰσραήλ.

Τὸ Πεκῖνον ἐπίσης καταδικάζει τὴν ἀποστολὴν ἀμερικανικῶν πλοίων εἰς τὴν Ἀνατολικὴν Μεσόγειον, τὴν ὁποίαν χαρακτηρίζει ὡς ἀπειλὴν κατὰ τῶν ἀραβικῶν λαῶν.

Κατὰ τὸ σχόλιον, οἱ ἀραβικοὶ λαοὶ θὰ συνεχίσουν τὸν ἀγῶνα των μέχρι τῆς τελικῆς νίκης.

ὑπὸ τὴν ἡγεσίαν τοῦ προέδρου Νίξον. Ἡ κινεζικὴ κυβέρνησις δηλώνει τὴν ἀλληλεγγύην της πρὸς τὸν παλαιστινιακὸν λαὸν καὶ ὑπόσχεται κάθε βοήθειαν.

Τὸ σχόλιον καταλήγει ὅτι ἡ Κίνα θὰ ὑποστηρίξῃ τὸν ἀγῶνα τῶν Παλαιστινίων.

ΥΠΟΧΩΡΟΥΝ

Αἱ συριακαὶ δυνάμεις ὑποχωροῦν ὑπὸ τὴν πίεσιν τῶν ἰορδανικῶν τεθωρακισμένων.

ΚΗΔΕΙΑΙ
ΑΜΑΛΙΑΝ ΦΩΘΙΑ

Ἐκηδεύθη χθὲς ἡ Ἀμαλία Φωθιᾶ. Ἡ ἐξόδιος ἀκολουθία ἐψάλη εἰς τὸν ἱερὸν ναὸν τοῦ Ἁγίου Γεωργίου.

ὥστε νὰ ἀποσύρουν τὰς δυνάμεις των ἀπὸ τὴν περιοχήν. Ἐξ ἄλλου, αἱ συγκρούσεις εἰς τὰ σύνορα συνεχίζονται μὲ ἀμείωτον ἔντασιν.

Ὁ ἐκπρόσωπος τοῦ ἰορδανικοῦ στρατοῦ ἀνεκοίνωσεν ὅτι κατεστράφησαν 60 συριακὰ ἅρματα μάχης.

Αἱ ἀπώλειαι τῶν ἀνταρτῶν εἶναι σημαντικαί.

Ἡ κατάστασις εἰς τὴν Ἰορδανίαν ἐξακολουθεῖ νὰ εἶναι λίαν κρίσιμος.
